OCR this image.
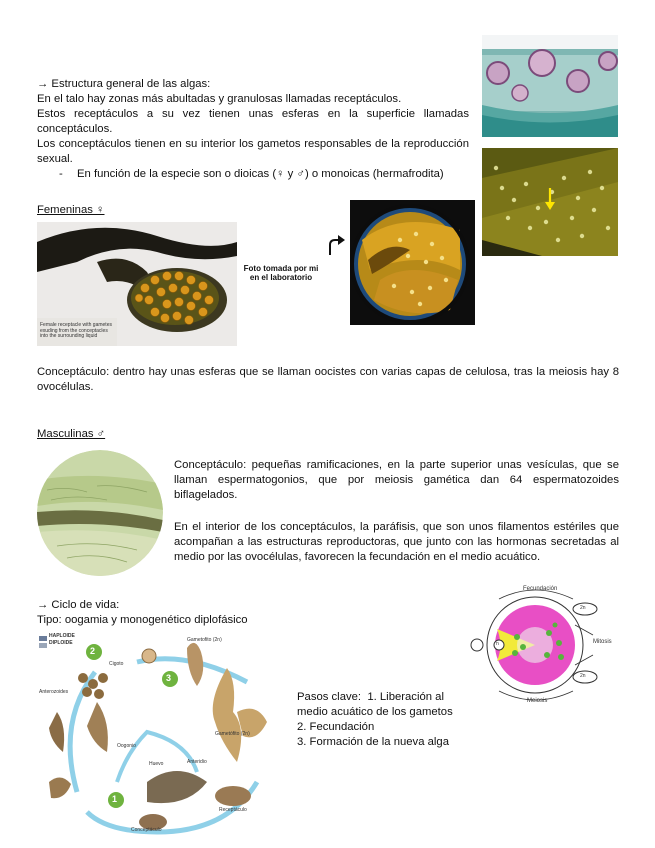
→ Estructura general de las algas:
En el talo hay zonas más abultadas y granulosas llamadas receptáculos.
Estos receptáculos a su vez tienen unas esferas en la superficie llamadas conceptáculos.
Los conceptáculos tienen en su interior los gametos responsables de la reproducción sexual.
-	En función de la especie son o dioicas (♀ y ♂) o monoicas (hermafrodita)
Femeninas ♀
Female receptacle with gametes exuding from the conceptacles into the surrounding liquid
Foto tomada por mi en el laboratorio
Conceptáculo: dentro hay unas esferas que se llaman oocistes con varias capas de celulosa, tras la meiosis hay 8 ovocélulas.
Masculinas ♂
Conceptáculo: pequeñas ramificaciones, en la parte superior unas vesículas, que se llaman espermatogonios, que por meiosis gamética dan 64 espermatozoides biflagelados.
En el interior de los conceptáculos, la paráfisis, que son unos filamentos estériles que acompañan a las estructuras reproductoras, que junto con las hormonas secretadas al medio por las ovocélulas, favorecen la fecundación en el medio acuático.
→ Ciclo de vida:
Tipo: oogamia y monogenético diplofásico
HAPLOIDE
DIPLOIDE
2
3
1
Gametofito (2n)
Gametófito (2n)
Cigoto
Anterozoides
Oogonio
Anteridio
Conceptáculo
Huevo
Receptáculo
Pasos clave: 1. Liberación al medio acuático de los gametos
2. Fecundación
3. Formación de la nueva alga
Fecundación
Mitosis
Meiosis
2n
2n
n
